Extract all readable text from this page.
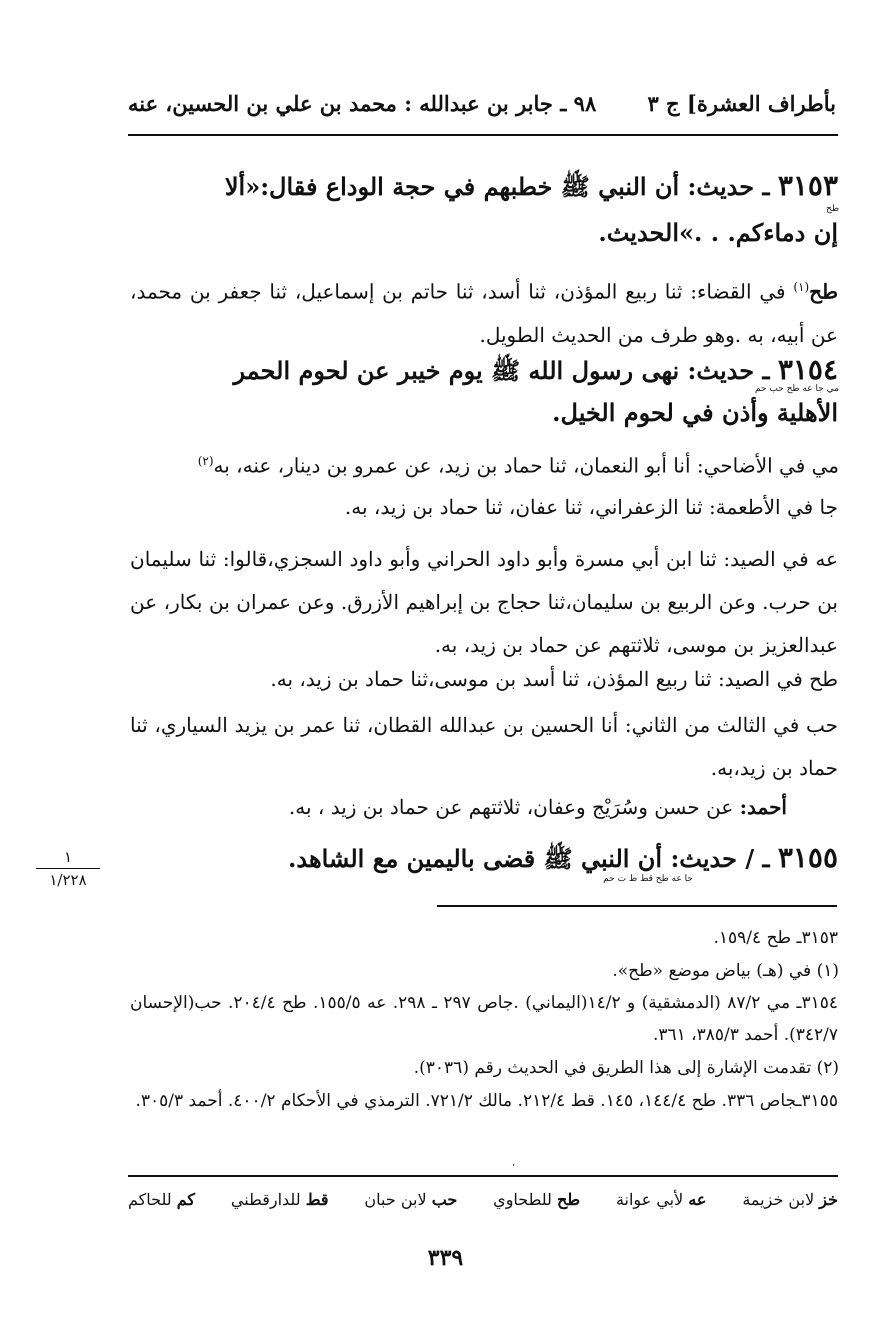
بأطراف العشرة] ج ٣
٩٨ ـ جابر بن عبدالله : محمد بن علي بن الحسين، عنه
٣١٥٣ ـ حديث: أن النبي ﷺ خطبهم في حجة الوداع فقال:«ألا
طح
إن دماءكم. . .»الحديث.
طح$^{(١)}$ في القضاء: ثنا ربيع المؤذن، ثنا أسد، ثنا حاتم بن إسماعيل، ثنا جعفر بن محمد، عن أبيه، به .وهو طرف من الحديث الطويل.
٣١٥٤ ـ حديث: نهى رسول الله ﷺ يوم خيبر عن لحوم الحمر
مي جا عه طح حب حم
الأهلية وأذن في لحوم الخيل.
مي في الأضاحي: أنا أبو النعمان، ثنا حماد بن زيد، عن عمرو بن دينار، عنه، به$^{(٢)}$
جا في الأطعمة: ثنا الزعفراني، ثنا عفان، ثنا حماد بن زيد، به.
عه في الصيد: ثنا ابن أبي مسرة وأبو داود الحراني وأبو داود السجزي،قالوا: ثنا سليمان بن حرب. وعن الربيع بن سليمان،ثنا حجاج بن إبراهيم الأزرق. وعن عمران بن بكار، عن عبدالعزيز بن موسى، ثلاثتهم عن حماد بن زيد، به.
طح في الصيد: ثنا ربيع المؤذن، ثنا أسد بن موسى،ثنا حماد بن زيد، به.
حب في الثالث من الثاني: أنا الحسين بن عبدالله القطان، ثنا عمر بن يزيد السياري، ثنا حماد بن زيد،به.
أحمد: عن حسن وسُرَيْج وعفان، ثلاثتهم عن حماد بن زيد ، به.
٣١٥٥ ـ / حديث: أن النبي ﷺ قضى باليمين مع الشاهد.
جا عه طح قط ط ت حم
١
١/٢٢٨
٣١٥٣ـ طح ١٥٩/٤.
(١) في (هـ) بياض موضع «طح».
٣١٥٤ـ مي ٨٧/٢ (الدمشقية) و ١٤/٢(اليماني) .جاص ٢٩٧ ـ ٢٩٨. عه ١٥٥/٥. طح ٢٠٤/٤. حب(الإحسان ٣٤٢/٧). أحمد ٣٨٥/٣، ٣٦١.
(٢) تقدمت الإشارة إلى هذا الطريق في الحديث رقم (٣٠٣٦).
٣١٥٥ـجاص ٣٣٦. طح ١٤٤/٤، ١٤٥. قط ٢١٢/٤. مالك ٧٢١/٢. الترمذي في الأحكام ٤٠٠/٢. أحمد ٣٠٥/٣.
٬
خز لابن خزيمة
عه لأبي عوانة
طح للطحاوي
حب لابن حبان
قط للدارقطني
كم للحاكم
٣٣٩
